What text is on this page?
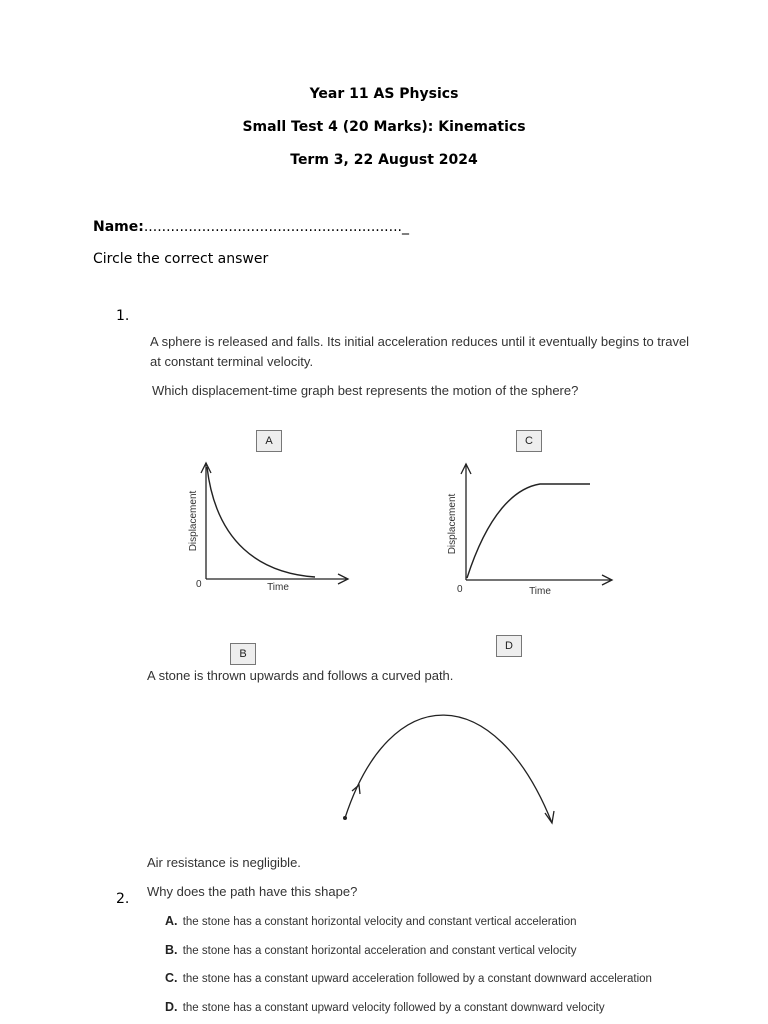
Year 11 AS Physics
Small Test 4 (20 Marks): Kinematics
Term 3, 22 August 2024
Name:.........................................................._
Circle the correct answer
1.
A sphere is released and falls. Its initial acceleration reduces until it eventually begins to travel
at constant terminal velocity.
Which displacement-time graph best represents the motion of the sphere?
A	C
0	Time
Displacement
0	Time
Displacement
B
D
A stone is thrown upwards and follows a curved path.
Air resistance is negligible.
Why does the path have this shape?
2.
A. the stone has a constant horizontal velocity and constant vertical acceleration
B. the stone has a constant horizontal acceleration and constant vertical velocity
C. the stone has a constant upward acceleration followed by a constant downward acceleration
D. the stone has a constant upward velocity followed by a constant downward velocity
